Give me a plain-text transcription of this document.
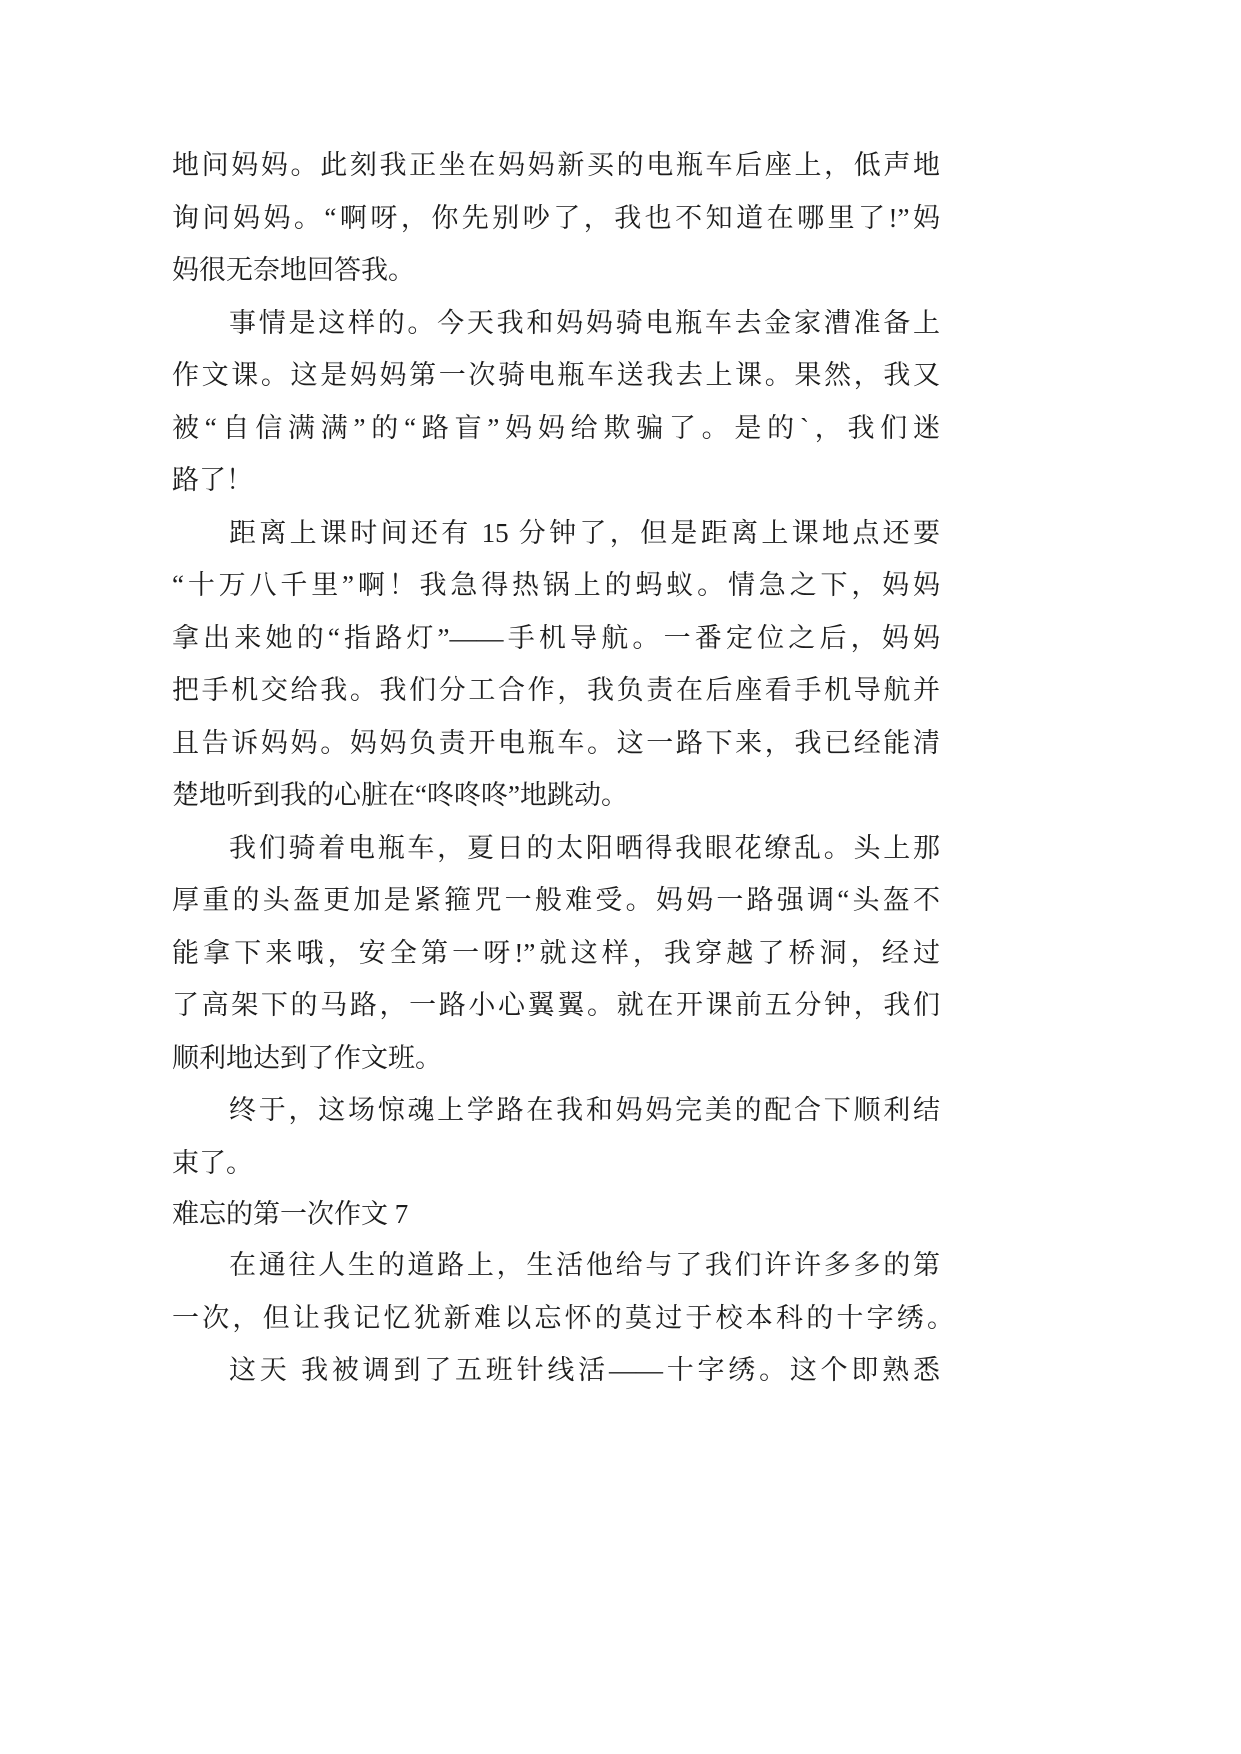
地问妈妈。此刻我正坐在妈妈新买的电瓶车后座上，低声地
询问妈妈。“啊呀，你先别吵了，我也不知道在哪里了!”妈
妈很无奈地回答我。
事情是这样的。今天我和妈妈骑电瓶车去金家漕准备上
作文课。这是妈妈第一次骑电瓶车送我去上课。果然，我又
被“自信满满”的“路盲”妈妈给欺骗了。是的`，我们迷
路了！
距离上课时间还有 15 分钟了，但是距离上课地点还要
“十万八千里”啊！我急得热锅上的蚂蚁。情急之下，妈妈
拿出来她的“指路灯”——手机导航。一番定位之后，妈妈
把手机交给我。我们分工合作，我负责在后座看手机导航并
且告诉妈妈。妈妈负责开电瓶车。这一路下来，我已经能清
楚地听到我的心脏在“咚咚咚”地跳动。
我们骑着电瓶车，夏日的太阳晒得我眼花缭乱。头上那
厚重的头盔更加是紧箍咒一般难受。妈妈一路强调“头盔不
能拿下来哦，安全第一呀!”就这样，我穿越了桥洞，经过
了高架下的马路，一路小心翼翼。就在开课前五分钟，我们
顺利地达到了作文班。
终于，这场惊魂上学路在我和妈妈完美的配合下顺利结
束了。
难忘的第一次作文 7
在通往人生的道路上，生活他给与了我们许许多多的第
一次，但让我记忆犹新难以忘怀的莫过于校本科的十字绣。
这天 我被调到了五班针线活——十字绣。这个即熟悉
